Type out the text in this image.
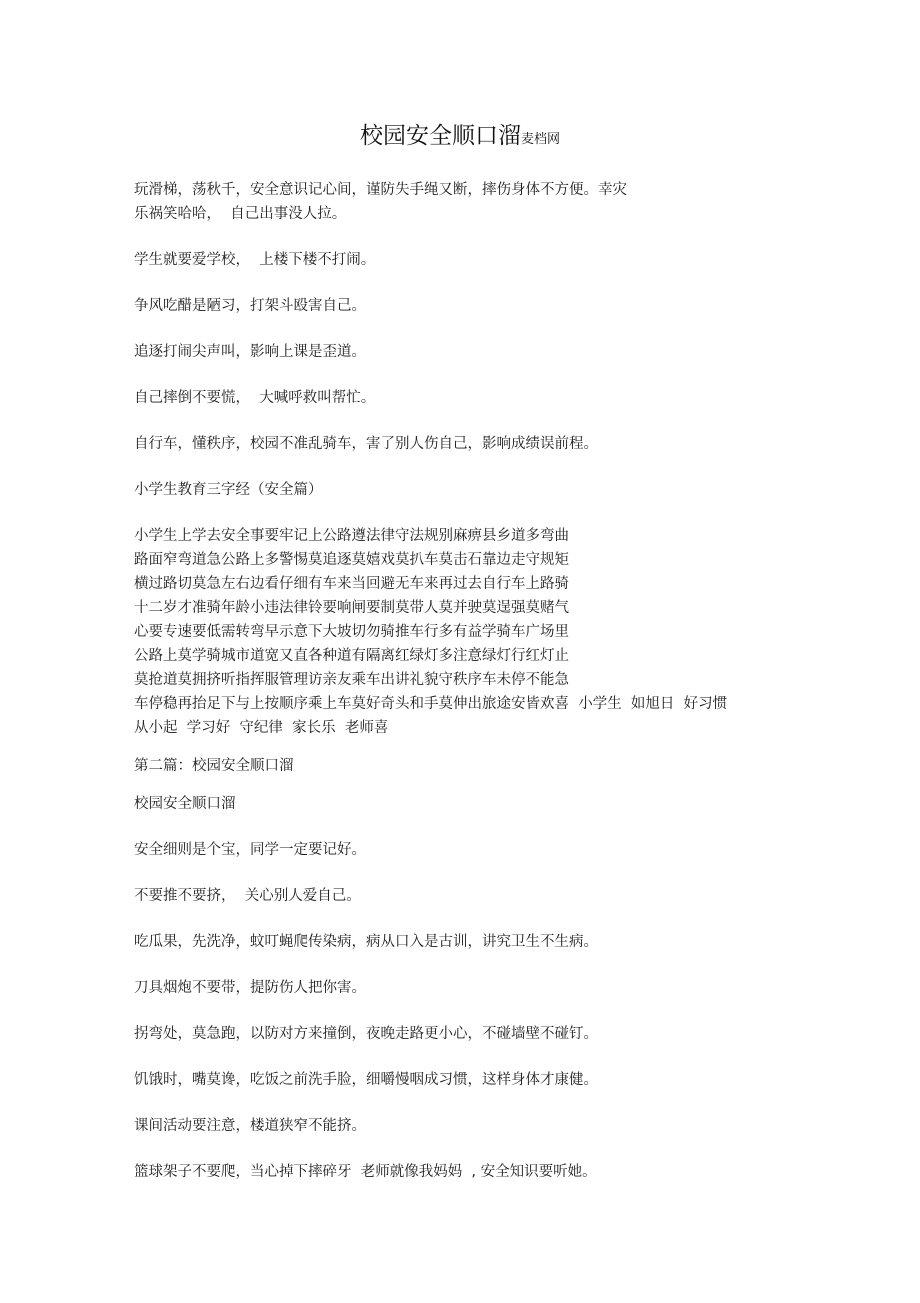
校园安全顺口溜麦档网

玩滑梯，荡秋千，安全意识记心间，谨防失手绳又断，摔伤身体不方便。幸灾

乐祸笑哈哈，  自己出事没人拉。

学生就要爱学校，  上楼下楼不打闹。

争风吃醋是陋习，打架斗殴害自己。

追逐打闹尖声叫，影响上课是歪道。

自己摔倒不要慌，  大喊呼救叫帮忙。

自行车，懂秩序，校园不准乱骑车，害了别人伤自己，影响成绩误前程。

小学生教育三字经（安全篇）

小学生上学去安全事要牢记上公路遵法律守法规别麻痹县乡道多弯曲

路面窄弯道急公路上多警惕莫追逐莫嬉戏莫扒车莫击石靠边走守规矩

横过路切莫急左右边看仔细有车来当回避无车来再过去自行车上路骑

十二岁才准骑年龄小违法律铃要响闸要制莫带人莫并驶莫逞强莫赌气

心要专速要低需转弯早示意下大坡切勿骑推车行多有益学骑车广场里

公路上莫学骑城市道宽又直各种道有隔离红绿灯多注意绿灯行红灯止

莫抢道莫拥挤听指挥服管理访亲友乘车出讲礼貌守秩序车未停不能急

车停稳再抬足下与上按顺序乘上车莫好奇头和手莫伸出旅途安皆欢喜  小学生  如旭日  好习惯

从小起  学习好  守纪律  家长乐  老师喜

第二篇：校园安全顺口溜

校园安全顺口溜

安全细则是个宝，同学一定要记好。

不要推不要挤，  关心别人爱自己。

吃瓜果，先洗净，蚊叮蝇爬传染病，病从口入是古训，讲究卫生不生病。

刀具烟炮不要带，提防伤人把你害。

拐弯处，莫急跑，以防对方来撞倒，夜晚走路更小心，不碰墙壁不碰钉。

饥饿时，嘴莫谗，吃饭之前洗手脸，细嚼慢咽成习惯，这样身体才康健。

课间活动要注意，楼道狭窄不能挤。

篮球架子不要爬，当心掉下摔碎牙  老师就像我妈妈  , 安全知识要听她。
